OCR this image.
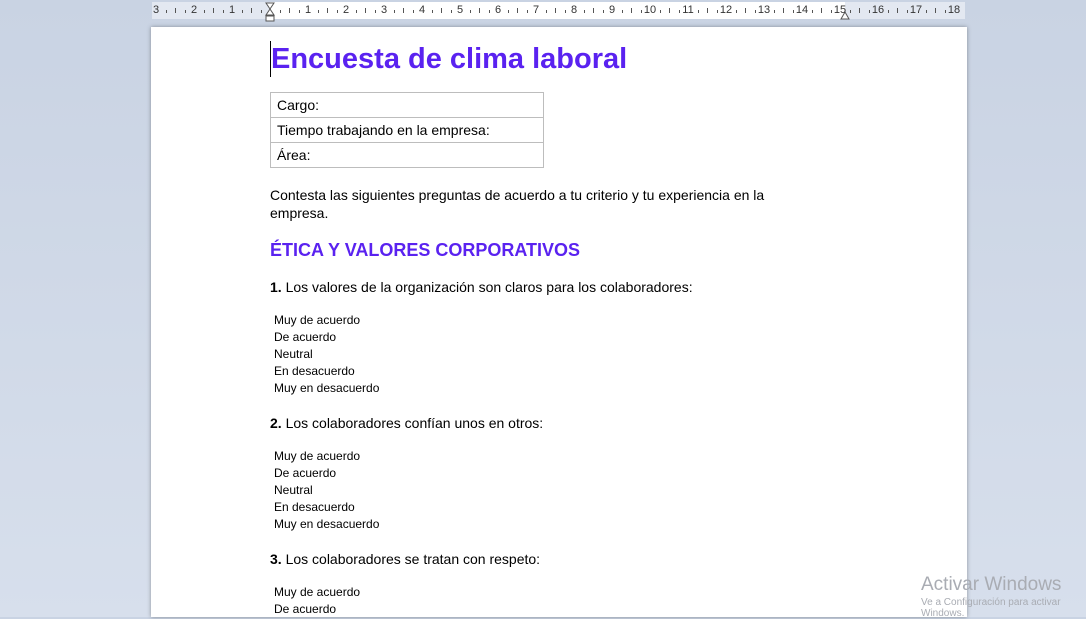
3	2	1	1	2	3	4	5	6	7	8	9	10 11 12 13 14 15 16 17 18
Encuesta de clima laboral
Cargo:
Tiempo trabajando en la empresa:
Área:

Contesta las siguientes preguntas de acuerdo a tu criterio y tu experiencia en la empresa.

ÉTICA Y VALORES CORPORATIVOS

1. Los valores de la organización son claros para los colaboradores:

Muy de acuerdo
De acuerdo
Neutral
En desacuerdo
Muy en desacuerdo

2. Los colaboradores confían unos en otros:

Muy de acuerdo
De acuerdo
Neutral
En desacuerdo
Muy en desacuerdo

3. Los colaboradores se tratan con respeto:

Muy de acuerdo
De acuerdo
Activar Windows
Ve a Configuración para activar Windows.
